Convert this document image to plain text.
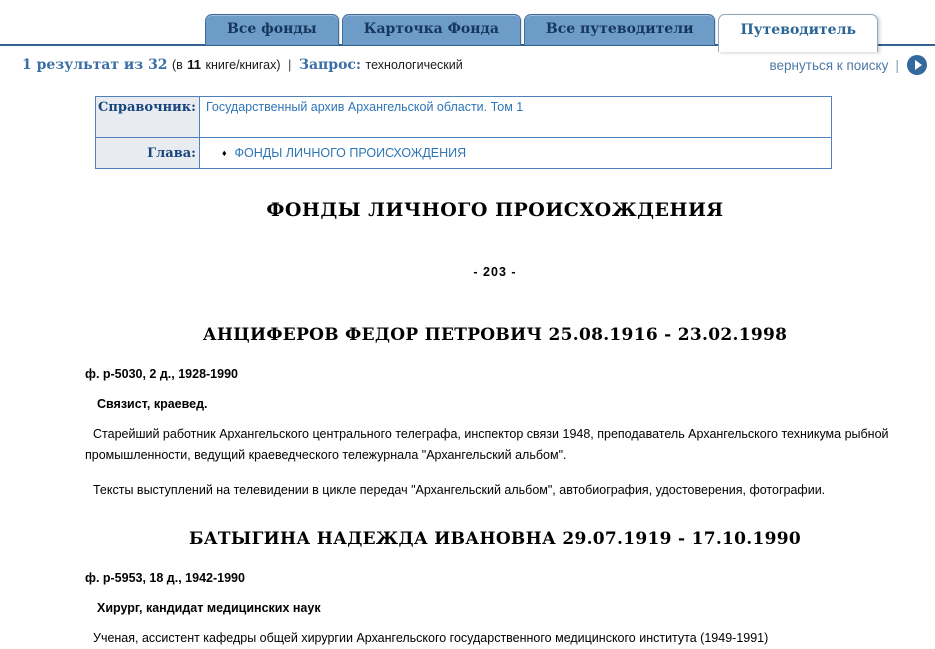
Все фонды	Карточка Фонда	Все путеводители	Путеводитель
1 результат из 32 (в 11 книге/книгах) | Запрос: технологический	вернуться к поиску |
Справочник:	Государственный архив Архангельской области. Том 1
Глава:	♦ ФОНДЫ ЛИЧНОГО ПРОИСХОЖДЕНИЯ
ФОНДЫ ЛИЧНОГО ПРОИСХОЖДЕНИЯ
- 203 -
АНЦИФЕРОВ ФЕДОР ПЕТРОВИЧ 25.08.1916 - 23.02.1998
ф. р-5030, 2 д., 1928-1990
Связист, краевед.
Старейший работник Архангельского центрального телеграфа, инспектор связи 1948, преподаватель Архангельского техникума рыбной промышленности, ведущий краеведческого тележурнала "Архангельский альбом".
Тексты выступлений на телевидении в цикле передач "Архангельский альбом", автобиография, удостоверения, фотографии.
БАТЫГИНА НАДЕЖДА ИВАНОВНА 29.07.1919 - 17.10.1990
ф. р-5953, 18 д., 1942-1990
Хирург, кандидат медицинских наук
Ученая, ассистент кафедры общей хирургии Архангельского государственного медицинского института (1949-1991)
